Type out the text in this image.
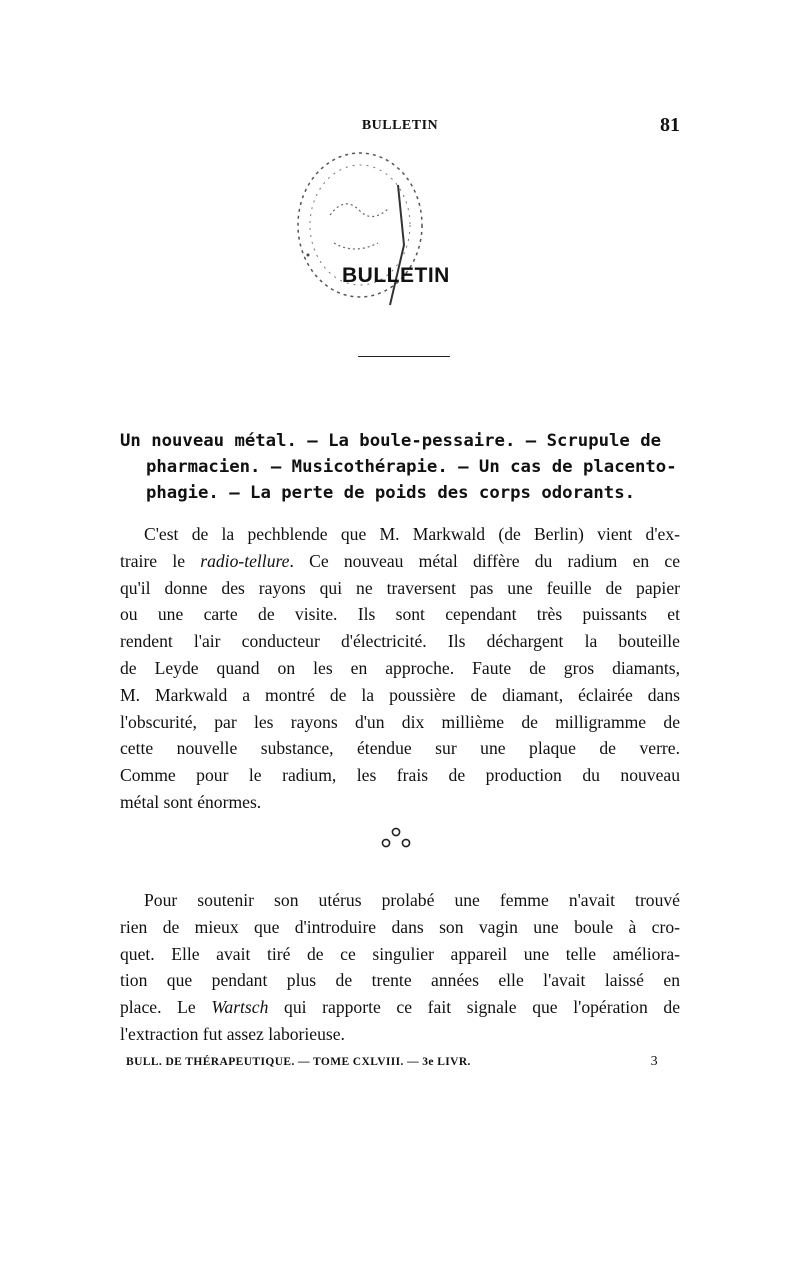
BULLETIN	81
BULLETIN
Un nouveau métal. — La boule-pessaire. — Scrupule de
pharmacien. — Musicothérapie. — Un cas de placento-
phagie. — La perte de poids des corps odorants.
C'est de la pechblende que M. Markwald (de Berlin) vient d'ex-
traire le radio-tellure. Ce nouveau métal diffère du radium en ce
qu'il donne des rayons qui ne traversent pas une feuille de papier
ou une carte de visite. Ils sont cependant très puissants et
rendent l'air conducteur d'électricité. Ils déchargent la bouteille
de Leyde quand on les en approche. Faute de gros diamants,
M. Markwald a montré de la poussière de diamant, éclairée dans
l'obscurité, par les rayons d'un dix millième de milligramme de
cette nouvelle substance, étendue sur une plaque de verre.
Comme pour le radium, les frais de production du nouveau
métal sont énormes.
Pour soutenir son utérus prolabé une femme n'avait trouvé
rien de mieux que d'introduire dans son vagin une boule à cro-
quet. Elle avait tiré de ce singulier appareil une telle améliora-
tion que pendant plus de trente années elle l'avait laissé en
place. Le Wartsch qui rapporte ce fait signale que l'opération de
l'extraction fut assez laborieuse.
BULL. DE THÉRAPEUTIQUE. — TOME CXLVIII. — 3e LIVR.	3
